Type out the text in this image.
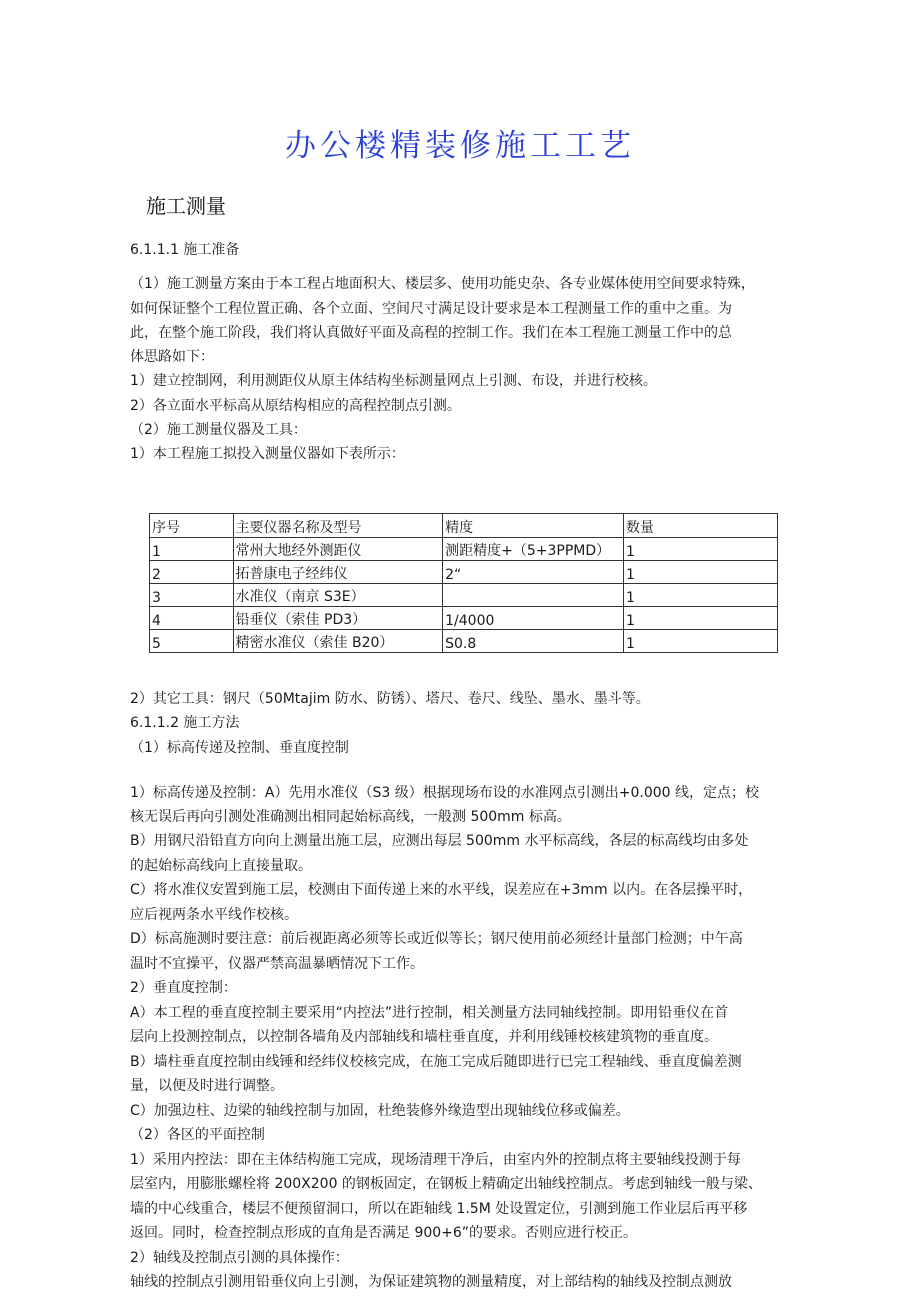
办公楼精装修施工工艺
施工测量
6.1.1.1 施工准备
（1）施工测量方案由于本工程占地面积大、楼层多、使用功能史杂、各专业媒体使用空间要求特殊，
如何保证整个工程位置正确、各个立面、空间尺寸满足设计要求是本工程测量工作的重中之重。为
此，在整个施工阶段，我们将认真做好平面及高程的控制工作。我们在本工程施工测量工作中的总
体思路如下：
1）建立控制网，利用测距仪从原主体结构坐标测量网点上引测、布设，并进行校核。
2）各立面水平标高从原结构相应的高程控制点引测。
（2）施工测量仪器及工具：
1）本工程施工拟投入测量仪器如下表所示：
序号	主要仪器名称及型号	精度	数量
1	常州大地经外测距仪	测距精度+（5+3PPMD）	1
2	拓普康电子经纬仪	2“	1
3	水准仪（南京 S3E）		1
4	铅垂仪（索佳 PD3）	1/4000	1
5	精密水准仪（索佳 B20）	S0.8	1
2）其它工具：钢尺（50Mtajim 防水、防锈）、塔尺、卷尺、线坠、墨水、墨斗等。
6.1.1.2 施工方法
（1）标高传递及控制、垂直度控制
1）标高传递及控制：A）先用水准仪（S3 级）根据现场布设的水准网点引测出+0.000 线，定点；校
核无误后再向引测处准确测出相同起始标高线，一般测 500mm 标高。
B）用钢尺沿铅直方向向上测量出施工层，应测出每层 500mm 水平标高线，各层的标高线均由多处
的起始标高线向上直接量取。
C）将水准仪安置到施工层，校测由下面传递上来的水平线，误差应在+3mm 以内。在各层操平时，
应后视两条水平线作校核。
D）标高施测时要注意：前后视距离必须等长或近似等长；钢尺使用前必须经计量部门检测；中午高
温时不宜操平，仪器严禁高温暴晒情况下工作。
2）垂直度控制：
A）本工程的垂直度控制主要采用“内控法”进行控制，相关测量方法同轴线控制。即用铅垂仪在首
层向上投测控制点，以控制各墙角及内部轴线和墙柱垂直度，并利用线锤校核建筑物的垂直度。
B）墙柱垂直度控制由线锤和经纬仪校核完成，在施工完成后随即进行已完工程轴线、垂直度偏差测
量，以便及时进行调整。
C）加强边柱、边梁的轴线控制与加固，杜绝装修外缘造型出现轴线位移或偏差。
（2）各区的平面控制
1）采用内控法：即在主体结构施工完成，现场清理干净后，由室内外的控制点将主要轴线投测于每
层室内，用膨胀螺栓将 200X200 的钢板固定，在钢板上精确定出轴线控制点。考虑到轴线一般与梁、
墙的中心线重合，楼层不便预留洞口，所以在距轴线 1.5M 处设置定位，引测到施工作业层后再平移
返回。同时，检查控制点形成的直角是否满足 900+6”的要求。否则应进行校正。
2）轴线及控制点引测的具体操作：
轴线的控制点引测用铅垂仪向上引测，为保证建筑物的测量精度，对上部结构的轴线及控制点测放
